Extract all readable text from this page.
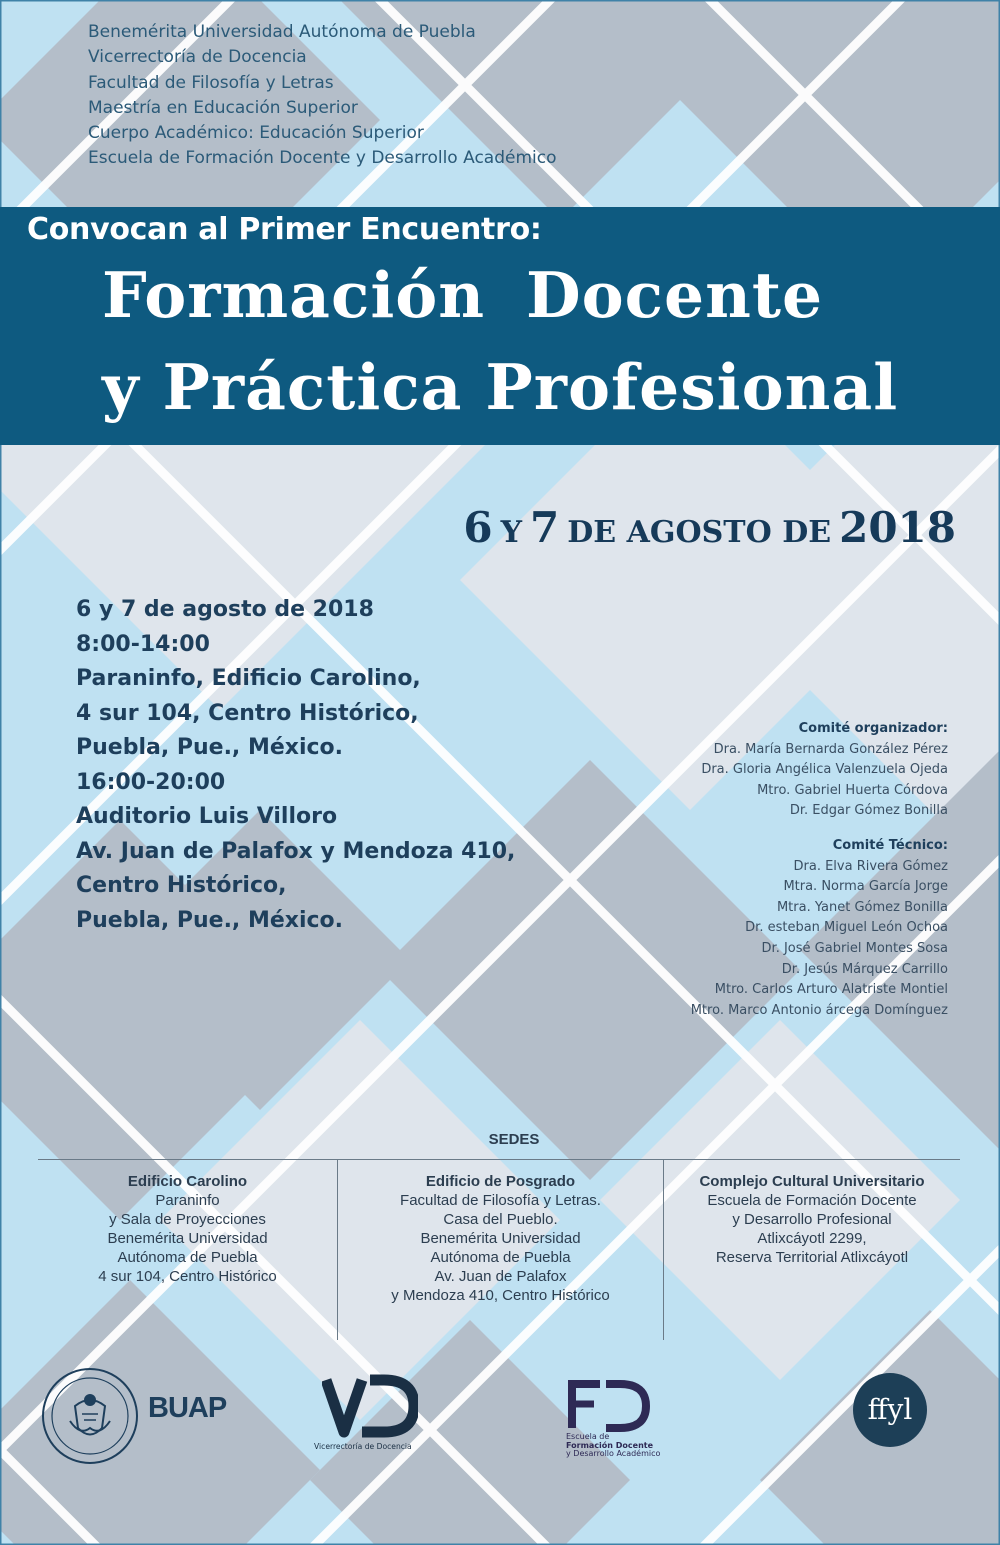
Benemérita Universidad Autónoma de Puebla
Vicerrectoría de Docencia
Facultad de Filosofía y Letras
Maestría en Educación Superior
Cuerpo Académico: Educación Superior
Escuela de Formación Docente y Desarrollo Académico
Convocan al Primer Encuentro:
Formación Docente
y Práctica Profesional
6 Y 7 DE AGOSTO DE 2018
6 y 7 de agosto de 2018
8:00-14:00
Paraninfo, Edificio Carolino,
4 sur 104, Centro Histórico,
Puebla, Pue., México.
16:00-20:00
Auditorio Luis Villoro
Av. Juan de Palafox y Mendoza 410,
Centro Histórico,
Puebla, Pue., México.
Comité organizador:
Dra. María Bernarda González Pérez
Dra. Gloria Angélica Valenzuela Ojeda
Mtro. Gabriel Huerta Córdova
Dr. Edgar Gómez Bonilla
Comité Técnico:
Dra. Elva Rivera Gómez
Mtra. Norma García Jorge
Mtra. Yanet Gómez Bonilla
Dr. esteban Miguel León Ochoa
Dr. José Gabriel Montes Sosa
Dr. Jesús Márquez Carrillo
Mtro. Carlos Arturo Alatriste Montiel
Mtro. Marco Antonio árcega Domínguez
SEDES
Edificio Carolino
Paraninfo
y Sala de Proyecciones
Benemérita Universidad
Autónoma de Puebla
4 sur 104, Centro Histórico
Edificio de Posgrado
Facultad de Filosofía y Letras.
Casa del Pueblo.
Benemérita Universidad
Autónoma de Puebla
Av. Juan de Palafox
y Mendoza 410, Centro Histórico
Complejo Cultural Universitario
Escuela de Formación Docente
y Desarrollo Profesional
Atlixcáyotl 2299,
Reserva Territorial Atlixcáyotl
BUAP
Vicerrectoría de Docencia
Escuela de
Formación Docente
y Desarrollo Académico
ffyl
